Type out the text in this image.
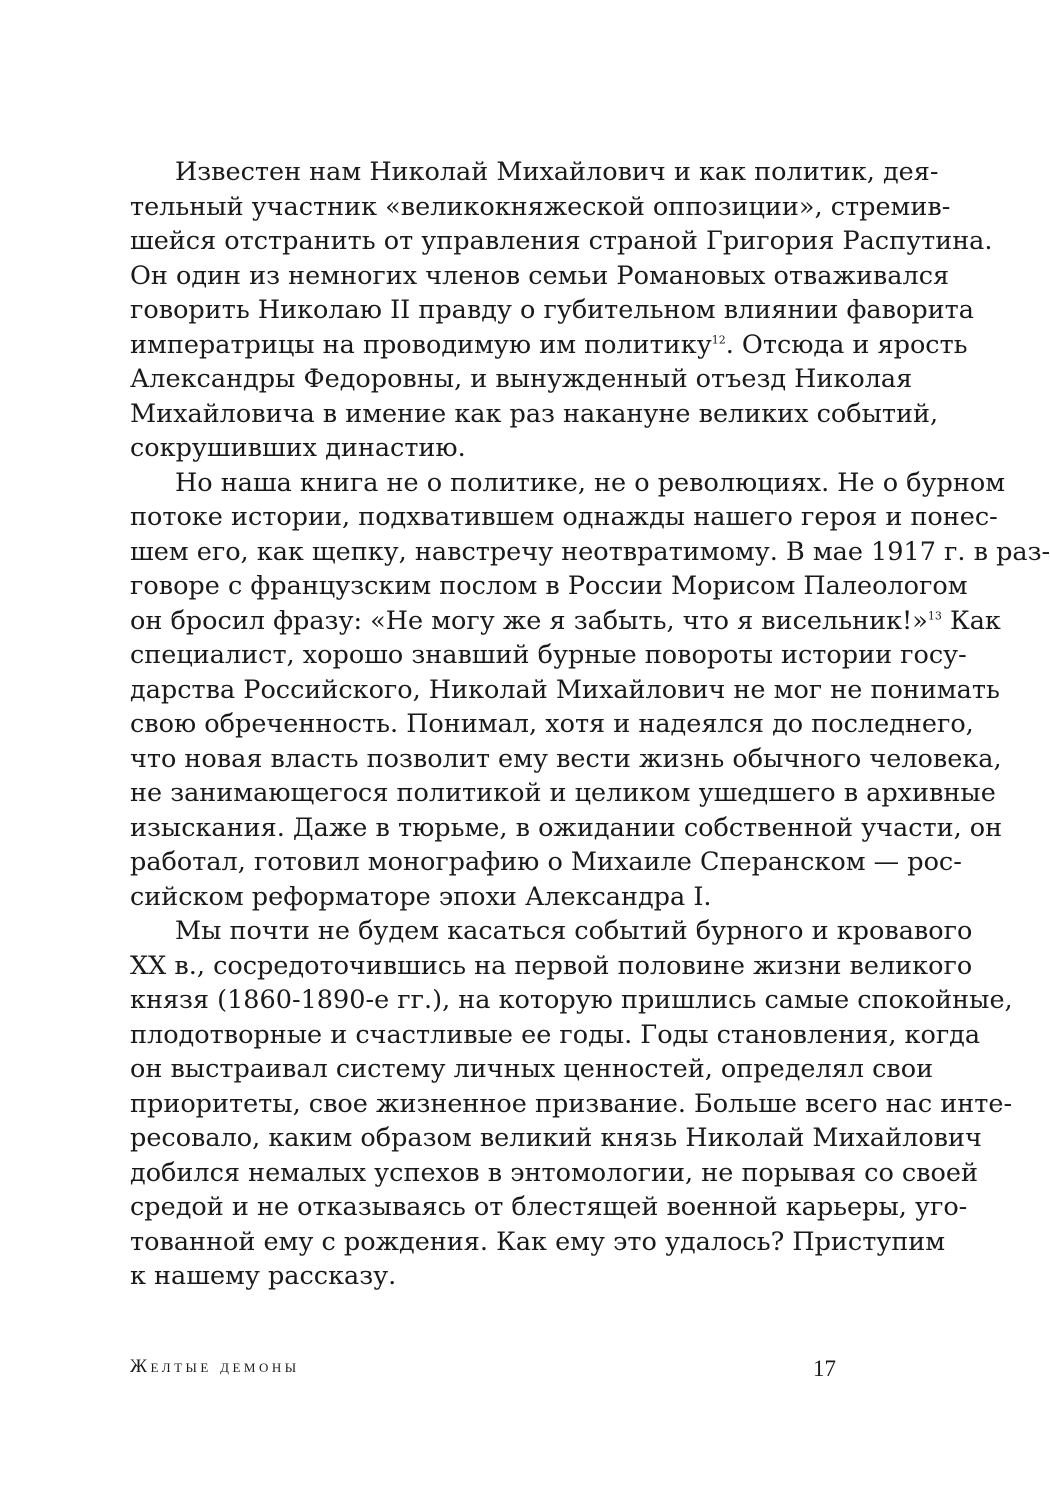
Известен нам Николай Михайлович и как политик, дея-
тельный участник «великокняжеской оппозиции», стремив-
шейся отстранить от управления страной Григория Распутина.
Он один из немногих членов семьи Романовых отваживался
говорить Николаю II правду о губительном влиянии фаворита
императрицы на проводимую им политику$^{12}$. Отсюда и ярость
Александры Федоровны, и вынужденный отъезд Николая
Михайловича в имение как раз накануне великих событий,
сокрушивших династию.
Но наша книга не о политике, не о революциях. Не о бурном
потоке истории, подхватившем однажды нашего героя и понес-
шем его, как щепку, навстречу неотвратимому. В мае 1917 г. в раз-
говоре с французским послом в России Морисом Палеологом
он бросил фразу: «Не могу же я забыть, что я висельник!»$^{13}$ Как
специалист, хорошо знавший бурные повороты истории госу-
дарства Российского, Николай Михайлович не мог не понимать
свою обреченность. Понимал, хотя и надеялся до последнего,
что новая власть позволит ему вести жизнь обычного человека,
не занимающегося политикой и целиком ушедшего в архивные
изыскания. Даже в тюрьме, в ожидании собственной участи, он
работал, готовил монографию о Михаиле Сперанском — рос-
сийском реформаторе эпохи Александра I.
Мы почти не будем касаться событий бурного и кровавого
XX в., сосредоточившись на первой половине жизни великого
князя (1860-1890-е гг.), на которую пришлись самые спокойные,
плодотворные и счастливые ее годы. Годы становления, когда
он выстраивал систему личных ценностей, определял свои
приоритеты, свое жизненное призвание. Больше всего нас инте-
ресовало, каким образом великий князь Николай Михайлович
добился немалых успехов в энтомологии, не порывая со своей
средой и не отказываясь от блестящей военной карьеры, уго-
тованной ему с рождения. Как ему это удалось? Приступим
к нашему рассказу.
Желтые демоны	17
